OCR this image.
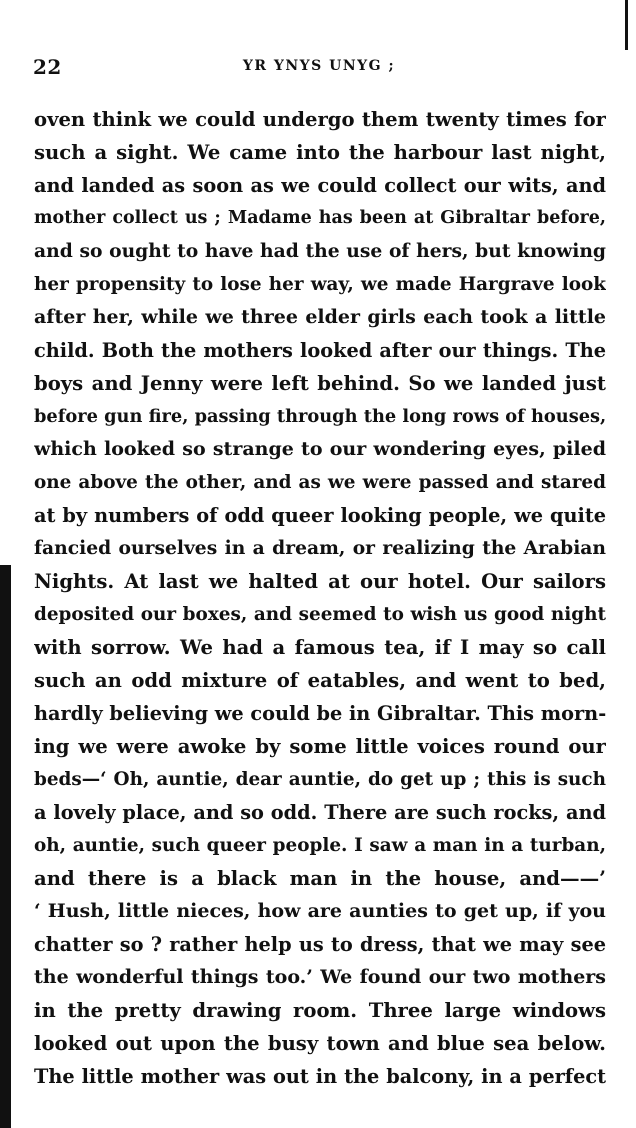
22	YR YNYS UNYG ;
oven think we could undergo them twenty times for
such a sight. We came into the harbour last night,
and landed as soon as we could collect our wits, and
mother collect us ; Madame has been at Gibraltar before,
and so ought to have had the use of hers, but knowing
her propensity to lose her way, we made Hargrave look
after her, while we three elder girls each took a little
child. Both the mothers looked after our things. The
boys and Jenny were left behind. So we landed just
before gun fire, passing through the long rows of houses,
which looked so strange to our wondering eyes, piled
one above the other, and as we were passed and stared
at by numbers of odd queer looking people, we quite
fancied ourselves in a dream, or realizing the Arabian
Nights. At last we halted at our hotel. Our sailors
deposited our boxes, and seemed to wish us good night
with sorrow. We had a famous tea, if I may so call
such an odd mixture of eatables, and went to bed,
hardly believing we could be in Gibraltar. This morn-
ing we were awoke by some little voices round our
beds—‘ Oh, auntie, dear auntie, do get up ; this is such
a lovely place, and so odd. There are such rocks, and
oh, auntie, such queer people. I saw a man in a turban,
and there is a black man in the house, and——’
‘ Hush, little nieces, how are aunties to get up, if you
chatter so ? rather help us to dress, that we may see
the wonderful things too.’ We found our two mothers
in the pretty drawing room. Three large windows
looked out upon the busy town and blue sea below.
The little mother was out in the balcony, in a perfect
